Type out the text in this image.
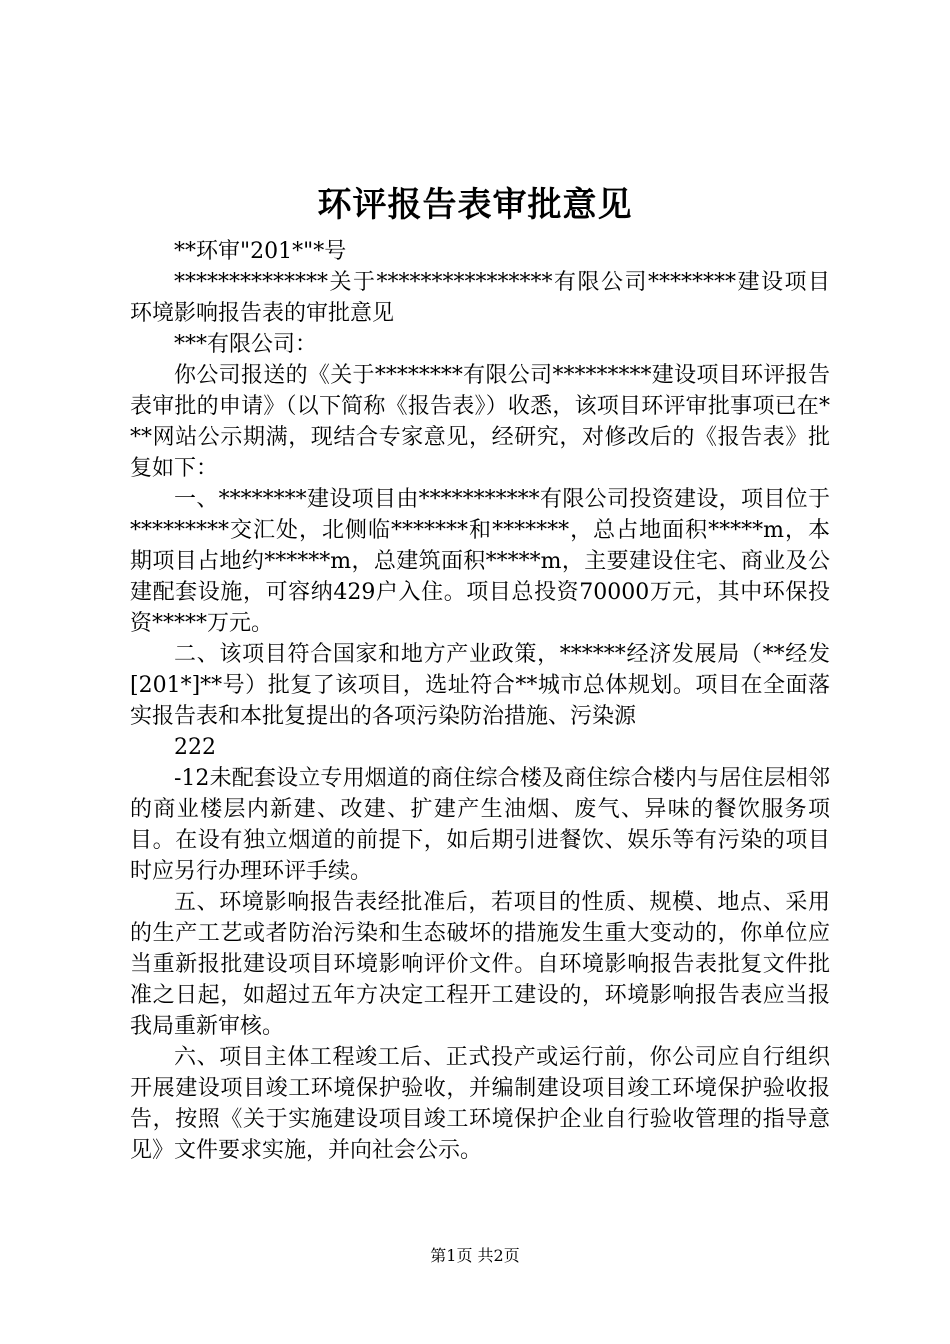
环评报告表审批意见

**环审"201*"*号

**************关于****************有限公司********建设项目环境影响报告表的审批意见

***有限公司：

你公司报送的《关于********有限公司*********建设项目环评报告表审批的申请》（以下简称《报告表》）收悉，该项目环评审批事项已在***网站公示期满，现结合专家意见，经研究，对修改后的《报告表》批复如下：

一、********建设项目由***********有限公司投资建设，项目位于*********交汇处，北侧临*******和*******，总占地面积*****m，本期项目占地约******m，总建筑面积*****m，主要建设住宅、商业及公建配套设施，可容纳429户入住。项目总投资70000万元，其中环保投资*****万元。

二、该项目符合国家和地方产业政策，******经济发展局（**经发[201*]**号）批复了该项目，选址符合**城市总体规划。项目在全面落实报告表和本批复提出的各项污染防治措施、污染源

222

-12未配套设立专用烟道的商住综合楼及商住综合楼内与居住层相邻的商业楼层内新建、改建、扩建产生油烟、废气、异味的餐饮服务项目。在设有独立烟道的前提下，如后期引进餐饮、娱乐等有污染的项目时应另行办理环评手续。

五、环境影响报告表经批准后，若项目的性质、规模、地点、采用的生产工艺或者防治污染和生态破坏的措施发生重大变动的，你单位应当重新报批建设项目环境影响评价文件。自环境影响报告表批复文件批准之日起，如超过五年方决定工程开工建设的，环境影响报告表应当报我局重新审核。

六、项目主体工程竣工后、正式投产或运行前，你公司应自行组织开展建设项目竣工环境保护验收，并编制建设项目竣工环境保护验收报告，按照《关于实施建设项目竣工环境保护企业自行验收管理的指导意见》文件要求实施，并向社会公示。

第1页 共2页
